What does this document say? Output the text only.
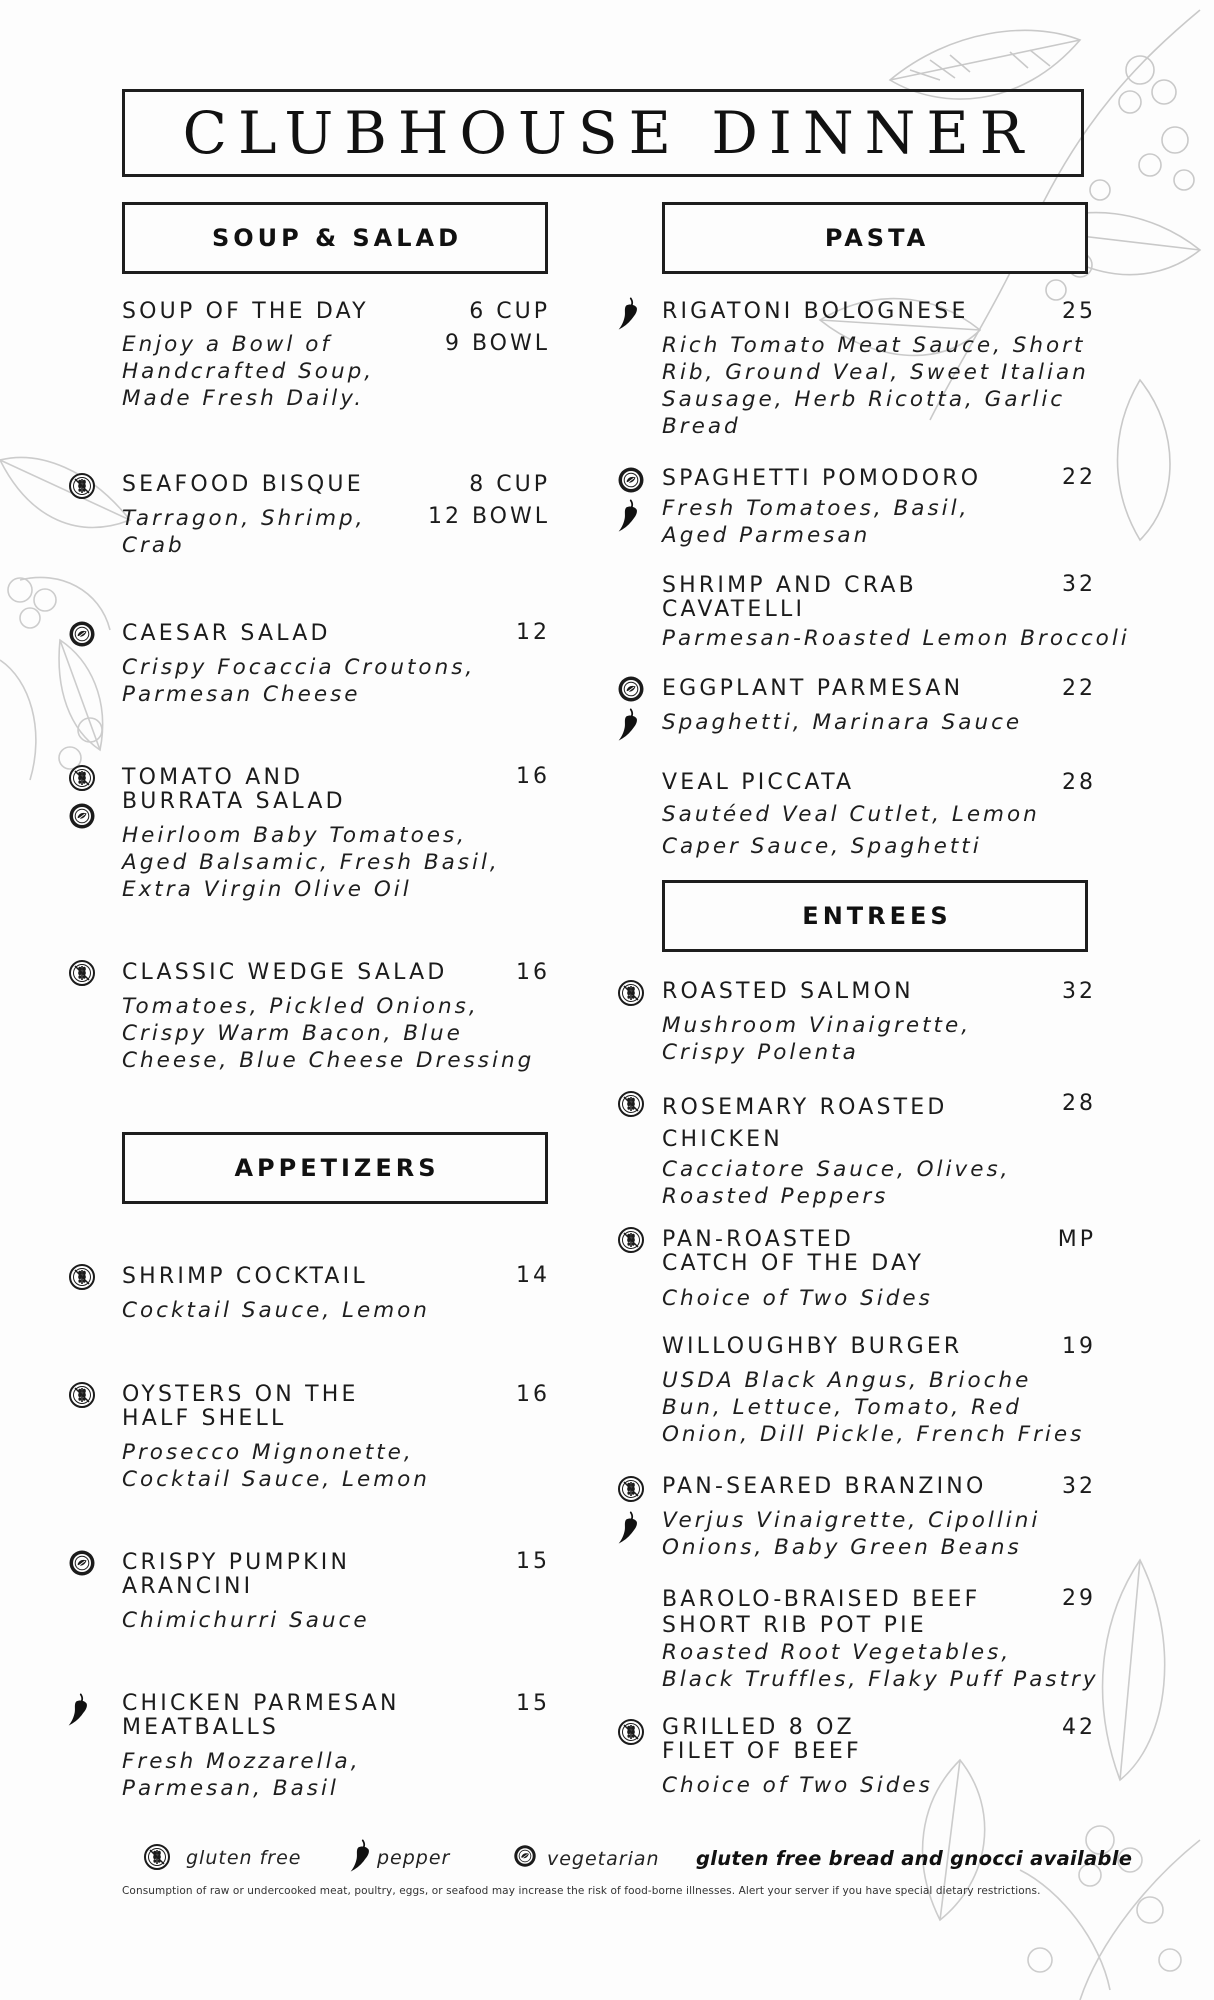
CLUBHOUSE DINNER
SOUP & SALAD
APPETIZERS
PASTA
ENTREES
SOUP OF THE DAY
Enjoy a Bowl of
Handcrafted Soup,
Made Fresh Daily.
6 CUP
9 BOWL
SEAFOOD BISQUE
Tarragon, Shrimp,
Crab
8 CUP
12 BOWL
CAESAR SALAD
Crispy Focaccia Croutons,
Parmesan Cheese
12
TOMATO AND
BURRATA SALAD
Heirloom Baby Tomatoes,
Aged Balsamic, Fresh Basil,
Extra Virgin Olive Oil
16
CLASSIC WEDGE SALAD
Tomatoes, Pickled Onions,
Crispy Warm Bacon, Blue
Cheese, Blue Cheese Dressing
16
SHRIMP COCKTAIL
Cocktail Sauce, Lemon
14
OYSTERS ON THE
HALF SHELL
Prosecco Mignonette,
Cocktail Sauce, Lemon
16
CRISPY PUMPKIN
ARANCINI
Chimichurri Sauce
15
CHICKEN PARMESAN
MEATBALLS
Fresh Mozzarella,
Parmesan, Basil
15
RIGATONI BOLOGNESE
Rich Tomato Meat Sauce, Short
Rib, Ground Veal, Sweet Italian
Sausage, Herb Ricotta, Garlic
Bread
25
SPAGHETTI POMODORO
Fresh Tomatoes, Basil,
Aged Parmesan
22
SHRIMP AND CRAB
CAVATELLI
Parmesan-Roasted Lemon Broccoli
32
EGGPLANT PARMESAN
Spaghetti, Marinara Sauce
22
VEAL PICCATA
Sautéed Veal Cutlet, Lemon
Caper Sauce, Spaghetti
28
ROASTED SALMON
Mushroom Vinaigrette,
Crispy Polenta
32
ROSEMARY ROASTED
CHICKEN
Cacciatore Sauce, Olives,
Roasted Peppers
28
PAN-ROASTED
CATCH OF THE DAY
Choice of Two Sides
MP
WILLOUGHBY BURGER
USDA Black Angus, Brioche
Bun, Lettuce, Tomato, Red
Onion, Dill Pickle, French Fries
19
PAN-SEARED BRANZINO
Verjus Vinaigrette, Cipollini
Onions, Baby Green Beans
32
BAROLO-BRAISED BEEF
SHORT RIB POT PIE
Roasted Root Vegetables,
Black Truffles, Flaky Puff Pastry
29
GRILLED 8 OZ
FILET OF BEEF
Choice of Two Sides
42
gluten free	pepper	vegetarian gluten free bread and gnocci available
Consumption of raw or undercooked meat, poultry, eggs, or seafood may increase the risk of food-borne illnesses. Alert your server if you have special dietary restrictions.
